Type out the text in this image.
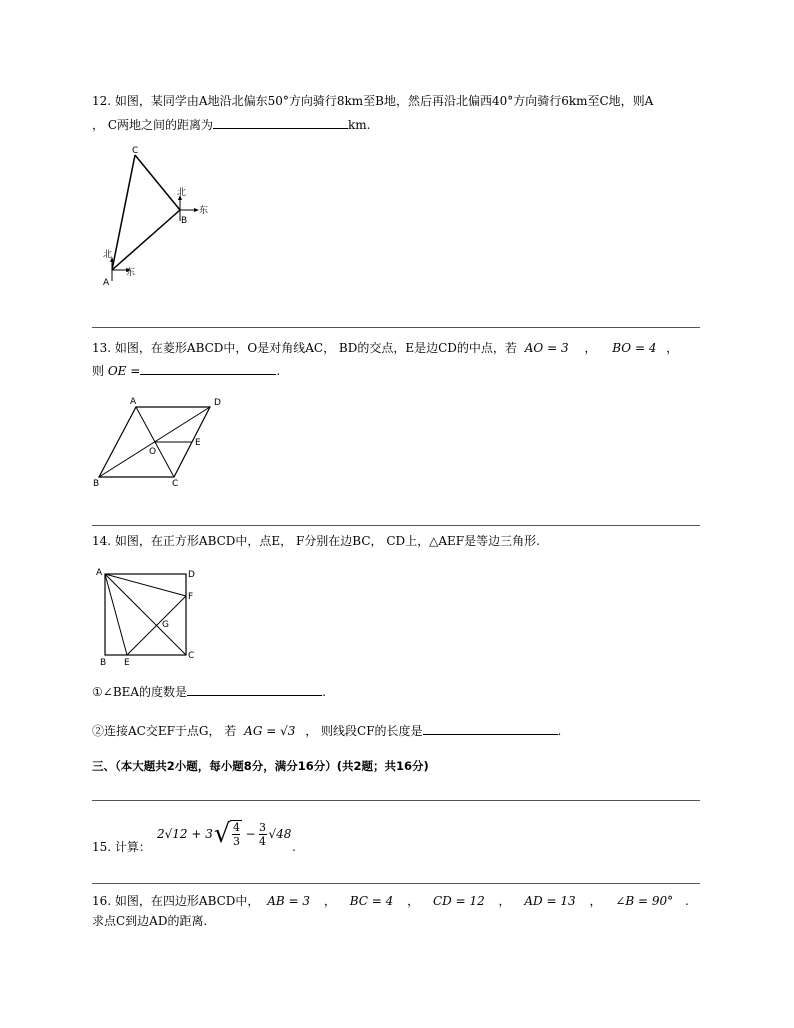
12. 如图，某同学由A地沿北偏东50°方向骑行8km至B地，然后再沿北偏西40°方向骑行6km至C地，则A
， C两地之间的距离为	km.
C
B
A
北
东
北
东
13. 如图，在菱形ABCD中，O是对角线AC， BD的交点，E是边CD的中点，若 AO = 3 ， BO = 4 ，
则 OE =	.
A	D
O
E
B	C
14. 如图，在正方形ABCD中，点E， F分别在边BC， CD上，△AEF是等边三角形.
A	D
F
G
B E
C
①∠BEA的度数是	.
②连接AC交EF于点G， 若 AG = √3 ， 则线段CF的长度是	.
三、（本大题共2小题，每小题8分，满分16分）(共2题；共16分)
15. 计算：
2√12 + 3 √ $\frac{4}{3} - \frac{3}{4} √48$
.
16. 如图，在四边形ABCD中， AB = 3 ， BC = 4 ， CD = 12 ， AD = 13 ， ∠B = 90° .
求点C到边AD的距离.
